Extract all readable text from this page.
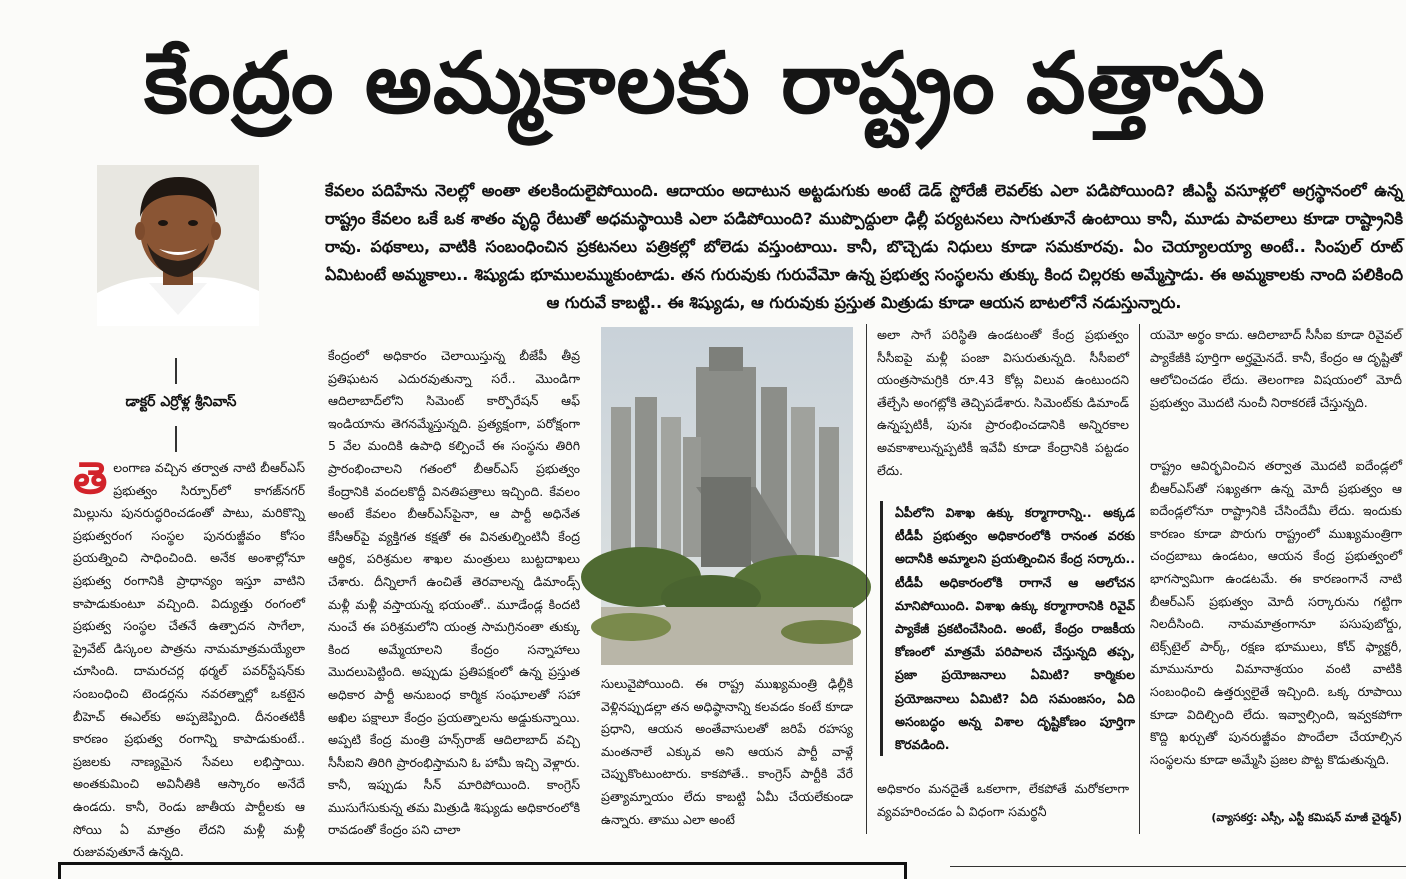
కేంద్రం అమ్మకాలకు రాష్ట్రం వత్తాసు
డాక్టర్ ఎర్రోళ్ల శ్రీనివాస్
కేవలం పదిహేను నెలల్లో అంతా తలకిందులైపోయింది. ఆదాయం అదాటున అట్టడుగుకు అంటే డెడ్ స్టోరేజీ లెవల్‌కు ఎలా పడిపోయింది? జీఎస్టీ వసూళ్లలో అగ్రస్థానంలో ఉన్న రాష్ట్రం కేవలం ఒకే ఒక శాతం వృద్ధి రేటుతో అధమస్థాయికి ఎలా పడిపోయింది? ముప్పొద్దులా ఢిల్లీ పర్యటనలు సాగుతూనే ఉంటాయి కానీ, మూడు పావలాలు కూడా రాష్ట్రానికి రావు. పథకాలు, వాటికి సంబంధించిన ప్రకటనలు పత్రికల్లో బోలెడు వస్తుంటాయి. కానీ, బొచ్చెడు నిధులు కూడా సమకూరవు. ఏం చెయ్యాలయ్యా అంటే.. సింపుల్ రూట్ ఏమిటంటే అమ్మకాలు.. శిష్యుడు భూములమ్ముకుంటాడు. తన గురువుకు గురువేమో ఉన్న ప్రభుత్వ సంస్థలను తుక్కు కింద చిల్లరకు అమ్మేస్తాడు. ఈ అమ్మకాలకు నాంది పలికింది ఆ గురువే కాబట్టి.. ఈ శిష్యుడు, ఆ గురువుకు ప్రస్తుత మిత్రుడు కూడా ఆయన బాటలోనే నడుస్తున్నారు.
తె లంగాణ వచ్చిన తర్వాత నాటి బీఆర్‌ఎస్ ప్రభుత్వం సిర్పూర్‌లో కాగజ్‌నగర్ మిల్లును పునరుద్ధరించడంతో పాటు, మరికొన్ని ప్రభుత్వరంగ సంస్థల పునరుజ్జీవం కోసం ప్రయత్నించి సాధించింది. అనేక అంశాల్లోనూ ప్రభుత్వ రంగానికి ప్రాధాన్యం ఇస్తూ వాటిని కాపాడుకుంటూ వచ్చింది. విద్యుత్తు రంగంలో ప్రభుత్వ సంస్థల చేతనే ఉత్పాదన సాగేలా, ప్రైవేట్ డిస్కంల పాత్రను నామమాత్రమయ్యేలా చూసింది. దామరచర్ల థర్మల్ పవర్‌స్టేషన్‌కు సంబంధించి టెండర్లను నవరత్నాల్లో ఒకటైన బీహెచ్ ఈఎల్‌కు అప్పజెప్పింది. దీనంతటికీ కారణం ప్రభుత్వ రంగాన్ని కాపాడుకుంటే.. ప్రజలకు నాణ్యమైన సేవలు లభిస్తాయి. అంతకుమించి అవినీతికి ఆస్కారం అనేదే ఉండదు. కానీ, రెండు జాతీయ పార్టీలకు ఆ సోయి ఏ మాత్రం లేదని మళ్లీ మళ్లీ రుజువవుతూనే ఉన్నది.
కేంద్రంలో అధికారం చెలాయిస్తున్న బీజేపీ తీవ్ర ప్రతిఘటన ఎదురవుతున్నా సరే.. మొండిగా ఆదిలాబాద్‌లోని సిమెంట్ కార్పొరేషన్ ఆఫ్ ఇండియాను తెగనమ్మేస్తున్నది. ప్రత్యక్షంగా, పరోక్షంగా 5 వేల మందికి ఉపాధి కల్పించే ఈ సంస్థను తిరిగి ప్రారంభించాలని గతంలో బీఆర్‌ఎస్ ప్రభుత్వం కేంద్రానికి వందలకొద్దీ వినతిపత్రాలు ఇచ్చింది. కేవలం అంటే కేవలం బీఆర్‌ఎస్‌పైనా, ఆ పార్టీ అధినేత కేసీఆర్‌పై వ్యక్తిగత కక్షతో ఈ వినతుల్నింటినీ కేంద్ర ఆర్థిక, పరిశ్రమల శాఖల మంత్రులు బుట్టదాఖలు చేశారు. దీన్నిలాగే ఉంచితే తెరవాలన్న డిమాండ్స్ మళ్లీ మళ్లీ వస్తాయన్న భయంతో.. మూడేండ్ల కిందటి నుంచే ఈ పరిశ్రమలోని యంత్ర సామగ్రినంతా తుక్కు కింద అమ్మేయాలని కేంద్రం సన్నాహాలు మొదలుపెట్టింది. అప్పుడు ప్రతిపక్షంలో ఉన్న ప్రస్తుత అధికార పార్టీ అనుబంధ కార్మిక సంఘాలతో సహా అఖిల పక్షాలూ కేంద్రం ప్రయత్నాలను అడ్డుకున్నాయి. అప్పటి కేంద్ర మంత్రి హన్స్‌రాజ్ ఆదిలాబాద్ వచ్చి సీసీఐని తిరిగి ప్రారంభిస్తామని ఓ హామీ ఇచ్చి వెళ్లారు. కానీ, ఇప్పుడు సీన్ మారిపోయింది. కాంగ్రెస్ ముసుగేసుకున్న తమ మిత్రుడి శిష్యుడు అధికారంలోకి రావడంతో కేంద్రం పని చాలా
సులువైపోయింది. ఈ రాష్ట్ర ముఖ్యమంత్రి ఢిల్లీకి వెళ్లినప్పుడల్లా తన అధిష్ఠానాన్ని కలవడం కంటే కూడా ప్రధాని, ఆయన అంతేవాసులతో జరిపే రహస్య మంతనాలే ఎక్కువ అని ఆయన పార్టీ వాళ్లే చెప్పుకొంటుంటారు. కాకపోతే.. కాంగ్రెస్ పార్టీకి వేరే ప్రత్యామ్నాయం లేదు కాబట్టి ఏమీ చేయలేకుండా ఉన్నారు. తాము ఎలా అంటే
అలా సాగే పరిస్థితి ఉండటంతో కేంద్ర ప్రభుత్వం సీసీఐపై మళ్లీ పంజా విసురుతున్నది. సీసీఐలో యంత్రసామగ్రికి రూ.43 కోట్ల విలువ ఉంటుందని తేల్చేసి అంగట్లోకి తెచ్చిపడేశారు. సిమెంట్‌కు డిమాండ్ ఉన్నప్పటికీ, పునః ప్రారంభించడానికి అన్నిరకాల అవకాశాలున్నప్పటికీ ఇవేవీ కూడా కేంద్రానికి పట్టడం లేదు.
ఏపీలోని విశాఖ ఉక్కు కర్మాగారాన్ని.. అక్కడ టీడీపీ ప్రభుత్వం అధికారంలోకి రానంత వరకు అదానీకి అమ్మాలని ప్రయత్నించిన కేంద్ర సర్కారు.. టీడీపీ అధికారంలోకి రాగానే ఆ ఆలోచన మానిపోయింది. విశాఖ ఉక్కు కర్మాగారానికి రివైవ్ ప్యాకేజీ ప్రకటించేసింది. అంటే, కేంద్రం రాజకీయ కోణంలో మాత్రమే పరిపాలన చేస్తున్నది తప్ప, ప్రజా ప్రయోజనాలు ఏమిటి? కార్మికుల ప్రయోజనాలు ఏమిటి? ఏది సమంజసం, ఏది అసంబద్ధం అన్న విశాల దృష్టికోణం పూర్తిగా కొరవడింది.
అధికారం మనదైతే ఒకలాగా, లేకపోతే మరోకలాగా వ్యవహరించడం ఏ విధంగా సమర్థనీ
యమో అర్థం కాదు. ఆదిలాబాద్ సీసీఐ కూడా రివైవల్ ప్యాకేజీకి పూర్తిగా అర్హమైనదే. కానీ, కేంద్రం ఆ దృష్టితో ఆలోచించడం లేదు. తెలంగాణ విషయంలో మోదీ ప్రభుత్వం మొదటి నుంచీ నిరాకరణే చేస్తున్నది.
రాష్ట్రం ఆవిర్భవించిన తర్వాత మొదటి ఐదేండ్లలో బీఆర్‌ఎస్‌తో సఖ్యతగా ఉన్న మోదీ ప్రభుత్వం ఆ ఐదేండ్లలోనూ రాష్ట్రానికి చేసిందేమీ లేదు. ఇందుకు కారణం కూడా పొరుగు రాష్ట్రంలో ముఖ్యమంత్రిగా చంద్రబాబు ఉండటం, ఆయన కేంద్ర ప్రభుత్వంలో భాగస్వామిగా ఉండటమే. ఈ కారణంగానే నాటి బీఆర్‌ఎస్ ప్రభుత్వం మోదీ సర్కారును గట్టిగా నిలదీసింది. నామమాత్రంగానూ పసుపుబోర్డు, టెక్స్‌టైల్ పార్క్, రక్షణ భూములు, కోచ్ ఫ్యాక్టరీ, మామునూరు విమానాశ్రయం వంటి వాటికి సంబంధించి ఉత్తర్వులైతే ఇచ్చింది. ఒక్క రూపాయి కూడా విదిల్చింది లేదు. ఇవ్వాల్సింది, ఇవ్వకపోగా కొద్ది ఖర్చుతో పునరుజ్జీవం పొందేలా చేయాల్సిన సంస్థలను కూడా అమ్మేసి ప్రజల పొట్ట కొడుతున్నది.
(వ్యాసకర్త: ఎస్సీ, ఎస్టీ కమిషన్ మాజీ చైర్మన్)
